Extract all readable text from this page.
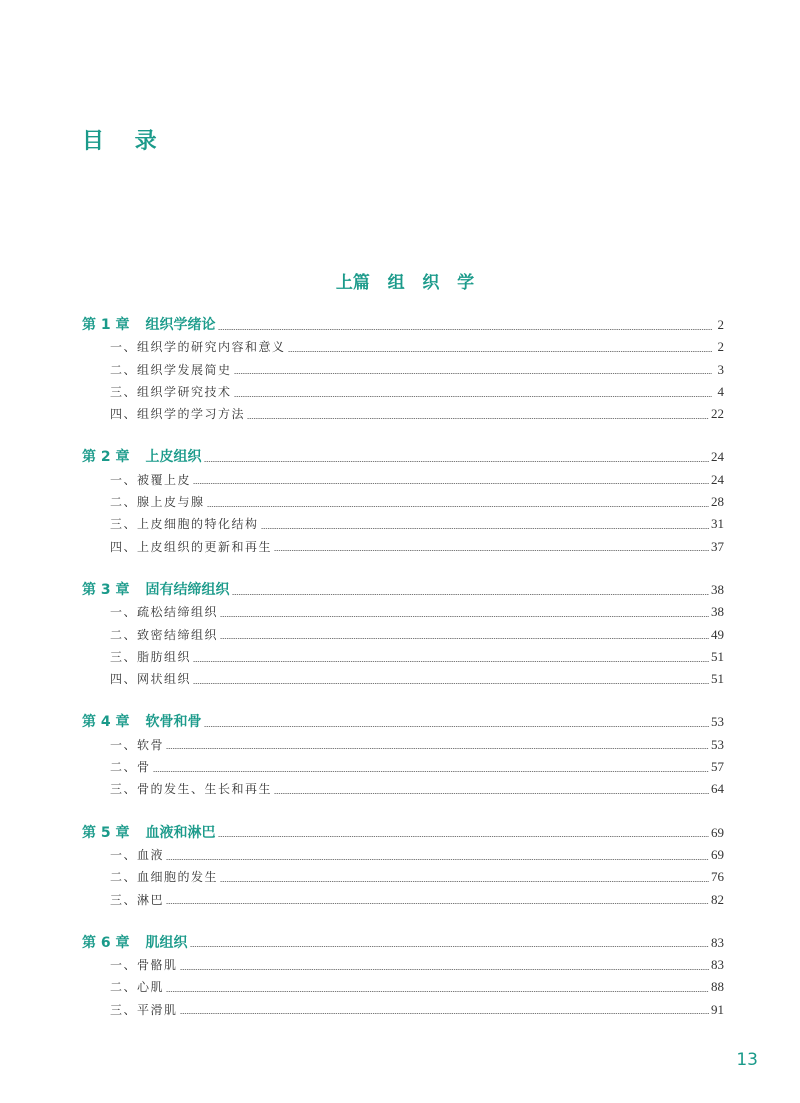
目    录
上篇   组   织   学
第 1 章 组织学绪论	2
一、组织学的研究内容和意义	2
二、组织学发展简史	3
三、组织学研究技术	4
四、组织学的学习方法	22
第 2 章 上皮组织	24
一、被覆上皮	24
二、腺上皮与腺	28
三、上皮细胞的特化结构	31
四、上皮组织的更新和再生	37
第 3 章 固有结缔组织	38
一、疏松结缔组织	38
二、致密结缔组织	49
三、脂肪组织	51
四、网状组织	51
第 4 章 软骨和骨	53
一、软骨	53
二、骨	57
三、骨的发生、生长和再生	64
第 5 章 血液和淋巴	69
一、血液	69
二、血细胞的发生	76
三、淋巴	82
第 6 章 肌组织	83
一、骨骼肌	83
二、心肌	88
三、平滑肌	91
13
